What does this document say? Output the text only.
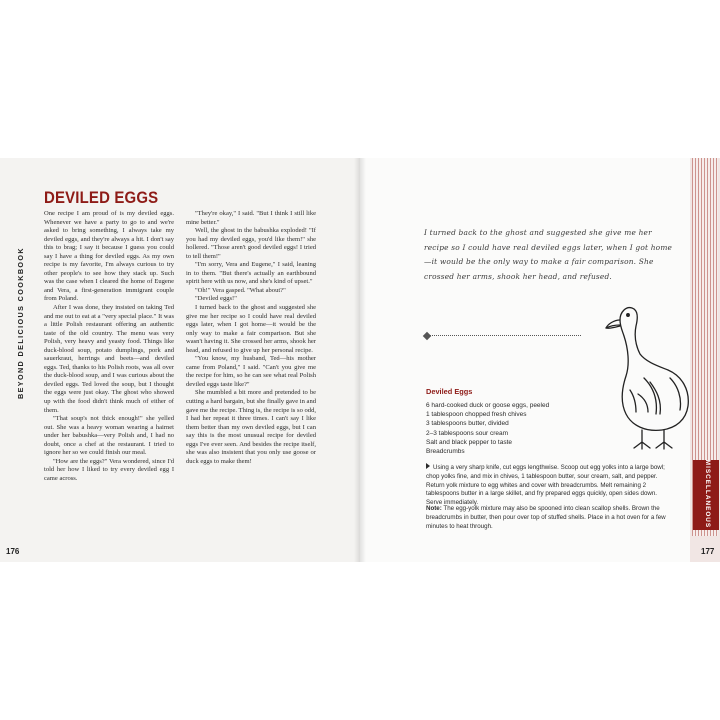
BEYOND DELICIOUS COOKBOOK
DEVILED EGGS

One recipe I am proud of is my deviled eggs. Whenever we have a party to go to and we're asked to bring something, I always take my deviled eggs, and they're always a hit. I don't say this to brag; I say it because I guess you could say I have a thing for deviled eggs. As my own recipe is my favorite, I'm always curious to try other people's to see how they stack up. Such was the case when I cleared the home of Eugene and Vera, a first-generation immigrant couple from Poland.

After I was done, they insisted on taking Ted and me out to eat at a "very special place." It was a little Polish restaurant offering an authentic taste of the old country. The menu was very Polish, very heavy and yeasty food. Things like duck-blood soup, potato dumplings, pork and sauerkraut, herrings and beets—and deviled eggs. Ted, thanks to his Polish roots, was all over the duck-blood soup, and I was curious about the deviled eggs. Ted loved the soup, but I thought the eggs were just okay. The ghost who showed up with the food didn't think much of either of them.

"That soup's not thick enough!" she yelled out. She was a heavy woman wearing a hairnet under her babushka—very Polish and, I had no doubt, once a chef at the restaurant. I tried to ignore her so we could finish our meal.

"How are the eggs?" Vera wondered, since I'd told her how I liked to try every deviled egg I came across.

"They're okay," I said. "But I think I still like mine better."

Well, the ghost in the babushka exploded! "If you had my deviled eggs, you'd like them!" she hollered. "Those aren't good deviled eggs! I tried to tell them!"

"I'm sorry, Vera and Eugene," I said, leaning in to them. "But there's actually an earthbound spirit here with us now, and she's kind of upset."

"Oh!" Vera gasped. "What about?"

"Deviled eggs!"

I turned back to the ghost and suggested she give me her recipe so I could have real deviled eggs later, when I got home—it would be the only way to make a fair comparison. But she wasn't having it. She crossed her arms, shook her head, and refused to give up her personal recipe.

"You know, my husband, Ted—his mother came from Poland," I said. "Can't you give me the recipe for him, so he can see what real Polish deviled eggs taste like?"

She mumbled a bit more and pretended to be cutting a hard bargain, but she finally gave in and gave me the recipe. Thing is, the recipe is so odd, I had her repeat it three times. I can't say I like them better than my own deviled eggs, but I can say this is the most unusual recipe for deviled eggs I've ever seen. And besides the recipe itself, she was also insistent that you only use goose or duck eggs to make them!

176
I turned back to the ghost and suggested she give me her recipe so I could have real deviled eggs later, when I got home—it would be the only way to make a fair comparison. She crossed her arms, shook her head, and refused.
Deviled Eggs
6 hard-cooked duck or goose eggs, peeled
1 tablespoon chopped fresh chives
3 tablespoons butter, divided
2–3 tablespoons sour cream
Salt and black pepper to taste
Breadcrumbs
Using a very sharp knife, cut eggs lengthwise. Scoop out egg yolks into a large bowl; chop yolks fine, and mix in chives, 1 tablespoon butter, sour cream, salt, and pepper. Return yolk mixture to egg whites and cover with breadcrumbs. Melt remaining 2 tablespoons butter in a large skillet, and fry prepared eggs quickly, open sides down. Serve immediately.
Note: The egg-yolk mixture may also be spooned into clean scallop shells. Brown the breadcrumbs in butter, then pour over top of stuffed shells. Place in a hot oven for a few minutes to heat through.	MISCELLANEOUS
177
